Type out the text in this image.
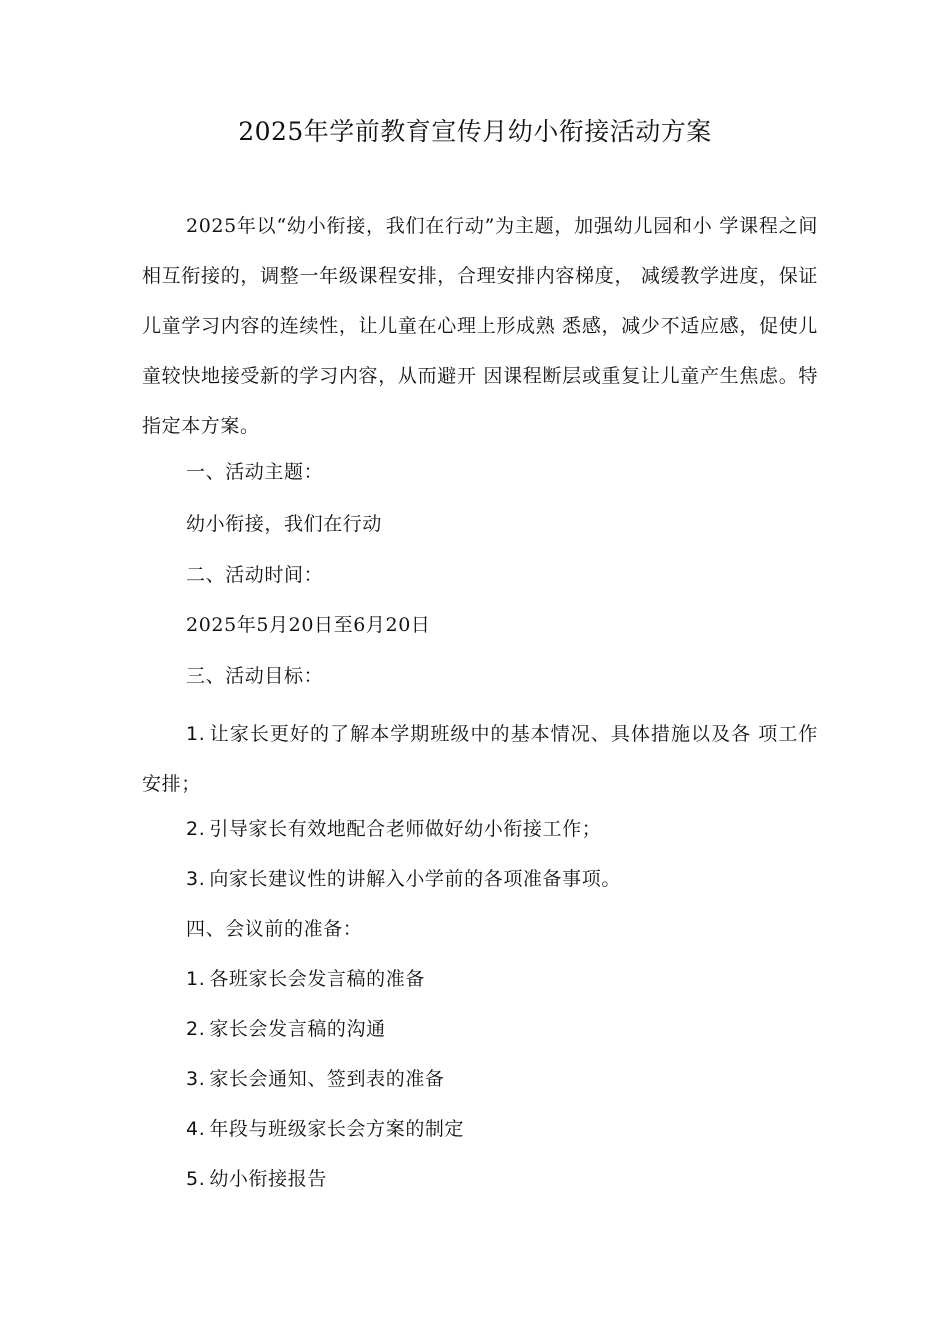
2025年学前教育宣传月幼小衔接活动方案

2025年以“幼小衔接，我们在行动”为主题，加强幼儿园和小 学课程之间相互衔接的，调整一年级课程安排，合理安排内容梯度， 减缓教学进度，保证儿童学习内容的连续性，让儿童在心理上形成熟 悉感，减少不适应感，促使儿童较快地接受新的学习内容，从而避开 因课程断层或重复让儿童产生焦虑。特指定本方案。

一、活动主题：

幼小衔接，我们在行动

二、活动时间：

2025年5月20日至6月20日

三、活动目标：

1. 让家长更好的了解本学期班级中的基本情况、具体措施以及各 项工作安排；

2. 引导家长有效地配合老师做好幼小衔接工作；

3. 向家长建议性的讲解入小学前的各项准备事项。

四、会议前的准备：

1. 各班家长会发言稿的准备

2. 家长会发言稿的沟通

3. 家长会通知、签到表的准备

4. 年段与班级家长会方案的制定

5. 幼小衔接报告
